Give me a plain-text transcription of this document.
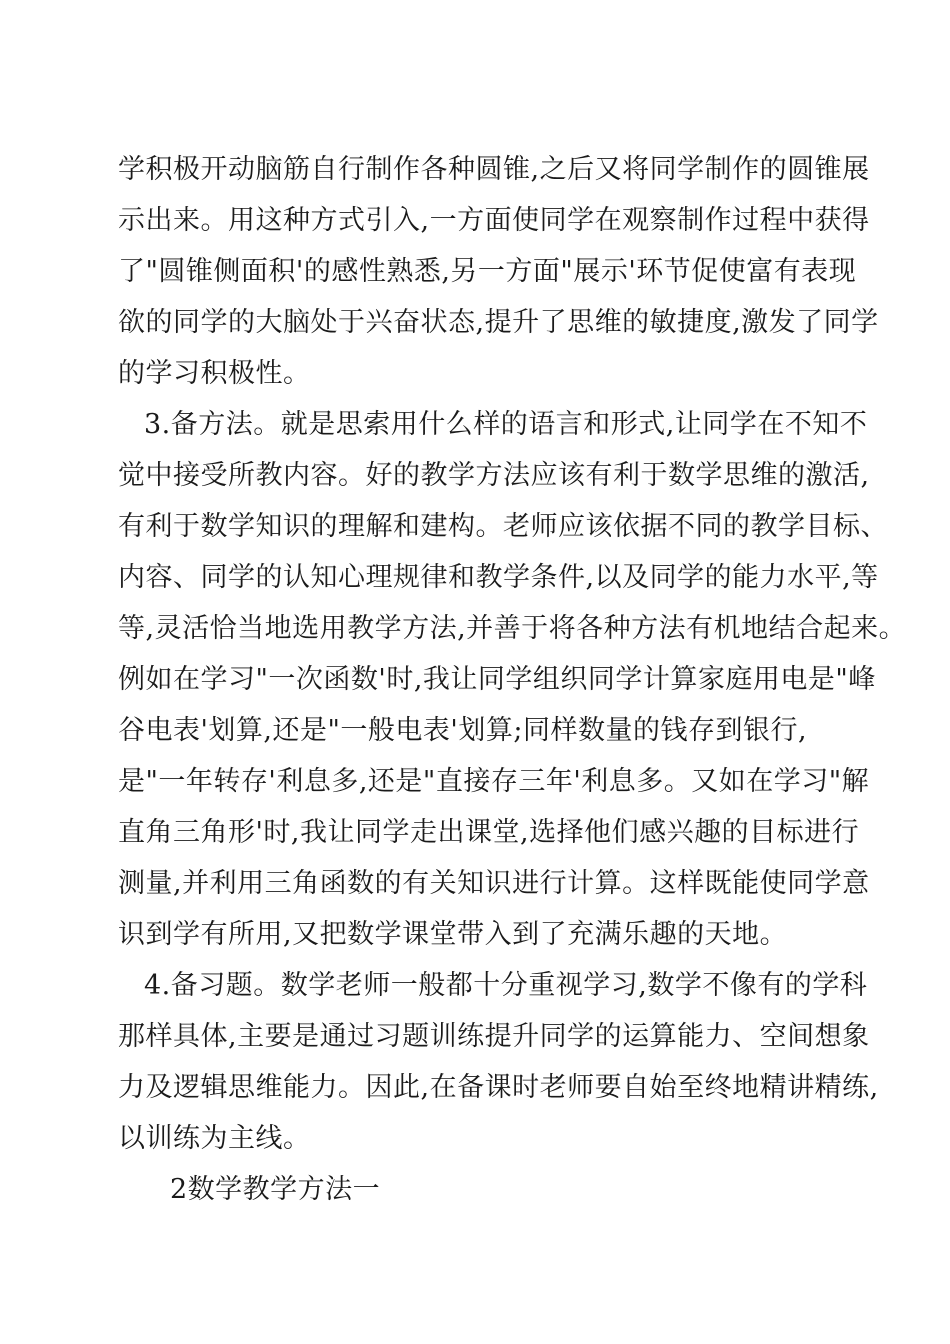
学积极开动脑筋自行制作各种圆锥,之后又将同学制作的圆锥展
示出来。用这种方式引入,一方面使同学在观察制作过程中获得
了"圆锥侧面积'的感性熟悉,另一方面"展示'环节促使富有表现
欲的同学的大脑处于兴奋状态,提升了思维的敏捷度,激发了同学
的学习积极性。
3.备方法。就是思索用什么样的语言和形式,让同学在不知不
觉中接受所教内容。好的教学方法应该有利于数学思维的激活,
有利于数学知识的理解和建构。老师应该依据不同的教学目标、
内容、同学的认知心理规律和教学条件,以及同学的能力水平,等
等,灵活恰当地选用教学方法,并善于将各种方法有机地结合起来。
例如在学习"一次函数'时,我让同学组织同学计算家庭用电是"峰
谷电表'划算,还是"一般电表'划算;同样数量的钱存到银行,
是"一年转存'利息多,还是"直接存三年'利息多。又如在学习"解
直角三角形'时,我让同学走出课堂,选择他们感兴趣的目标进行
测量,并利用三角函数的有关知识进行计算。这样既能使同学意
识到学有所用,又把数学课堂带入到了充满乐趣的天地。
4.备习题。数学老师一般都十分重视学习,数学不像有的学科
那样具体,主要是通过习题训练提升同学的运算能力、空间想象
力及逻辑思维能力。因此,在备课时老师要自始至终地精讲精练,
以训练为主线。
2数学教学方法一
